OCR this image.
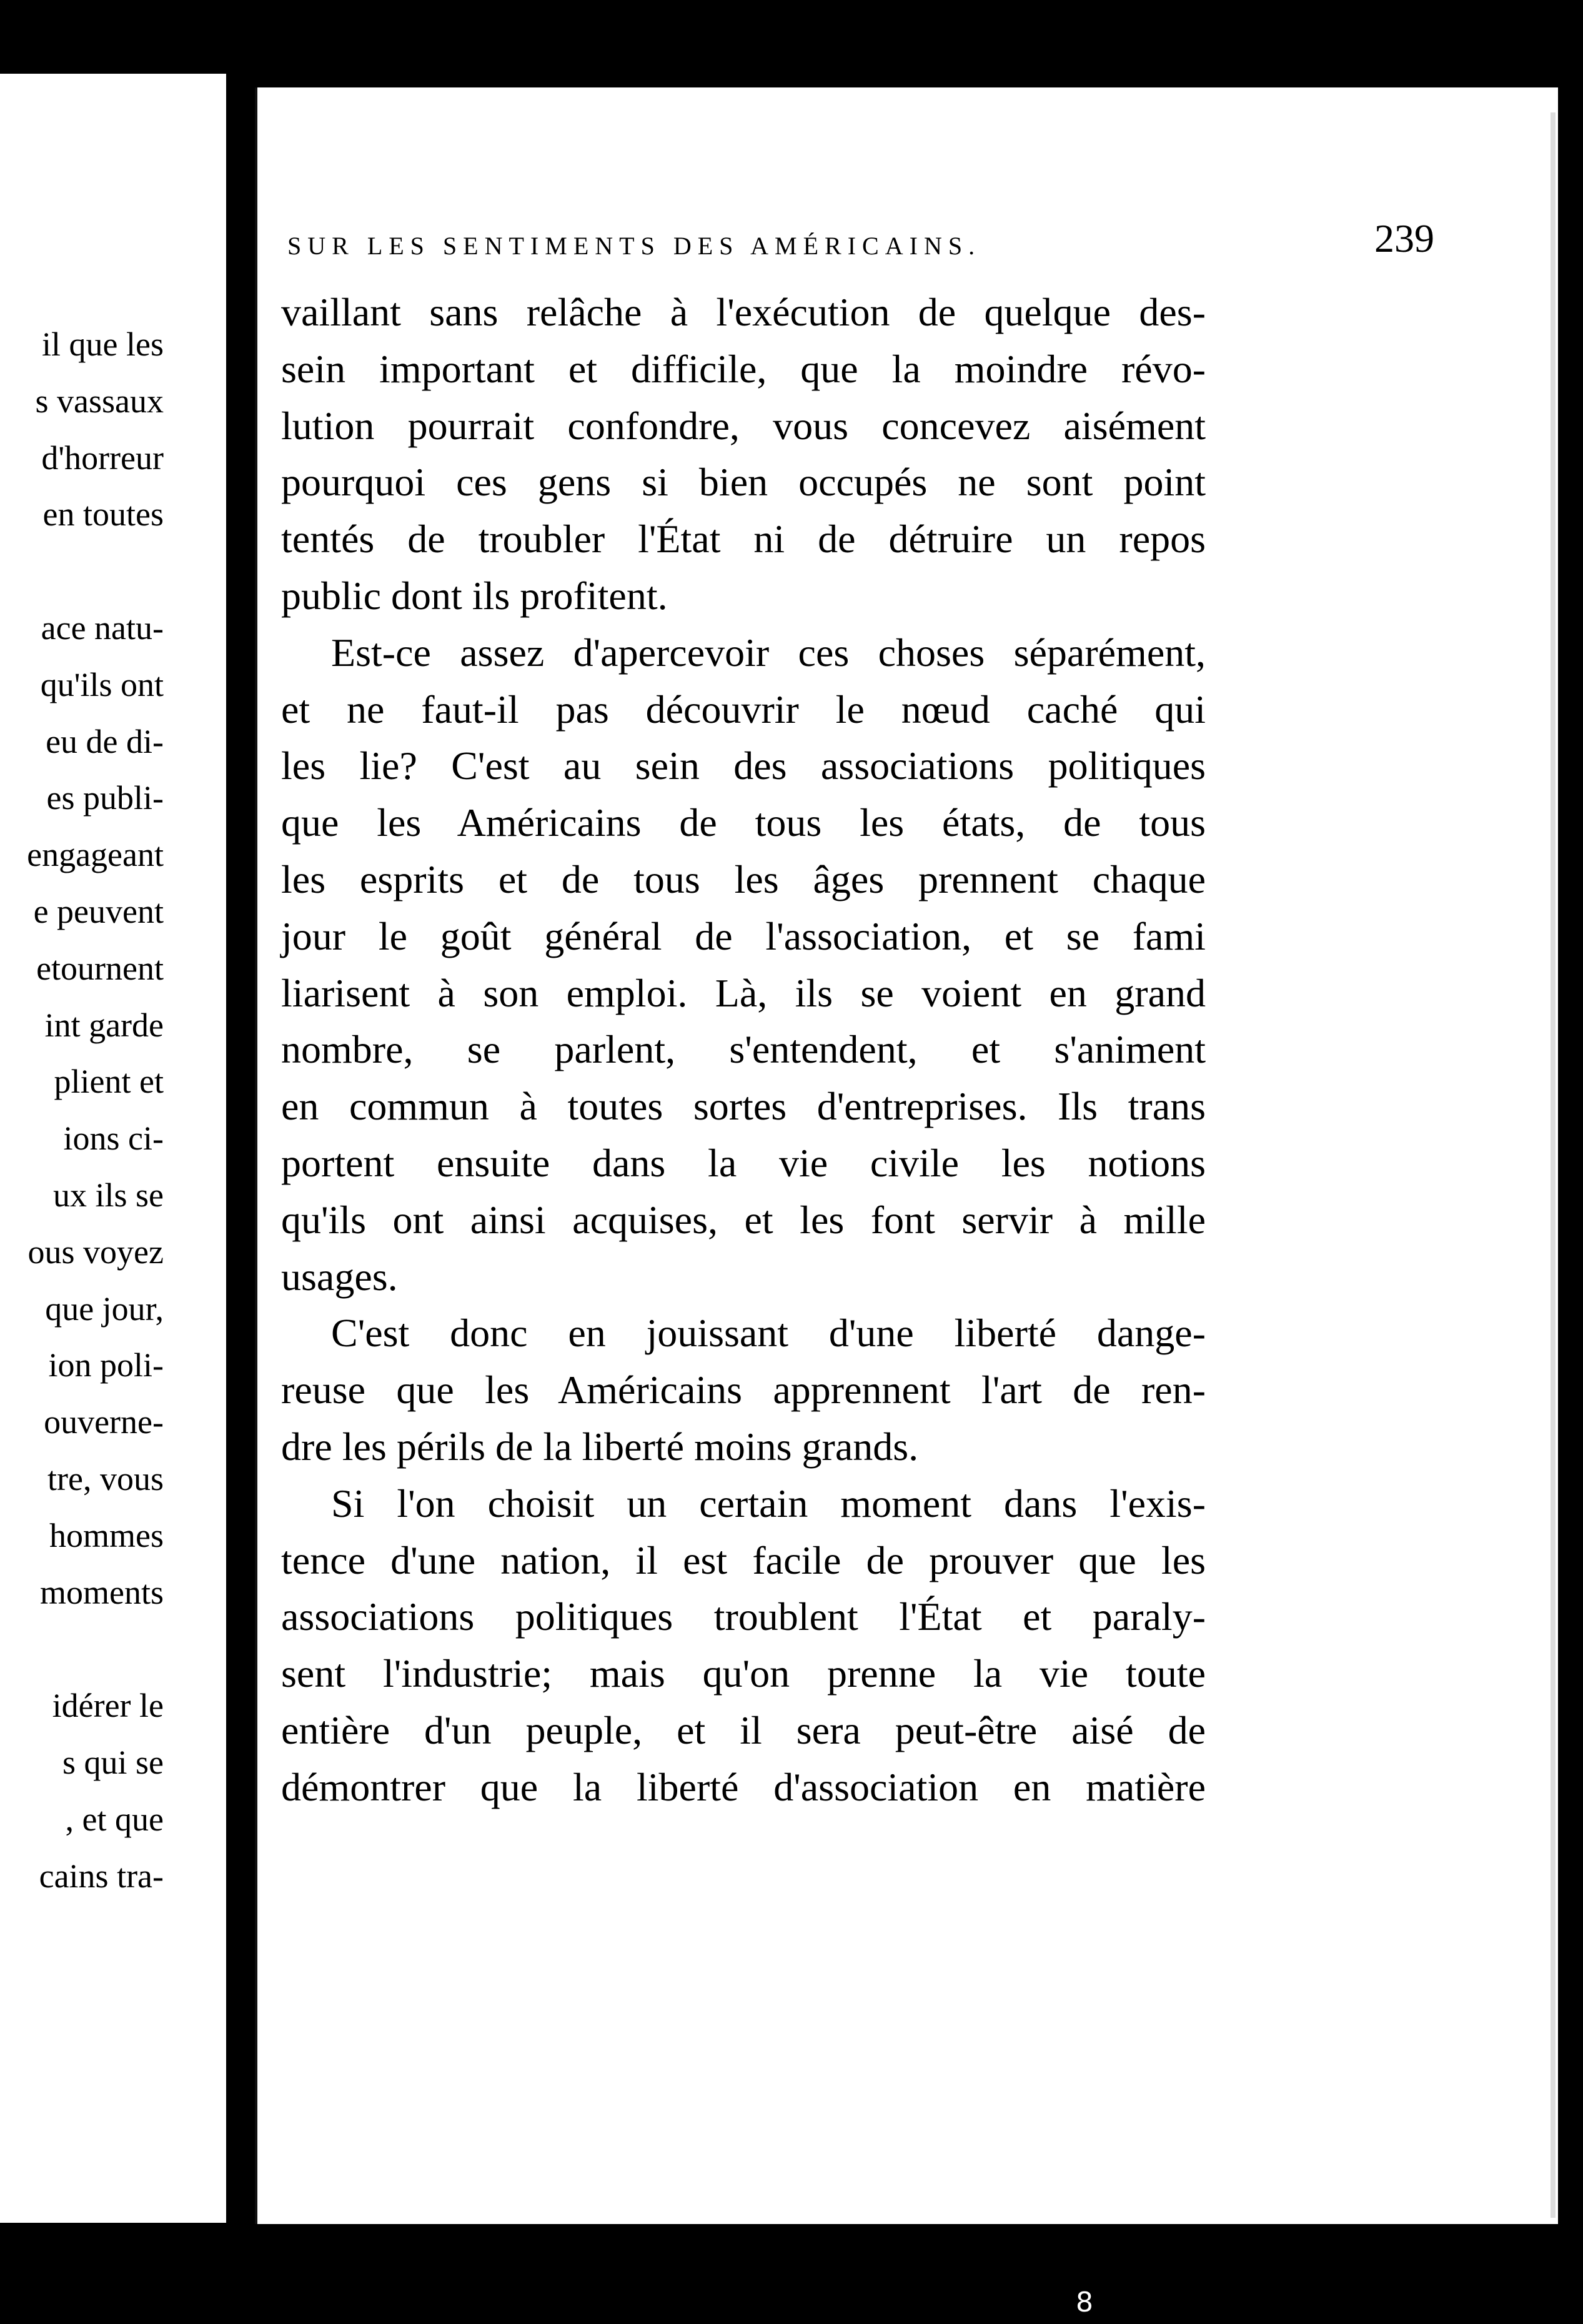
il que les
s vassaux
d'horreur
en toutes
ace natu-
qu'ils ont
eu de di-
es publi-
engageant
e peuvent
etournent
int garde
plient et
ions ci-
ux ils se
ous voyez
que jour,
ion poli-
ouverne-
tre, vous
hommes
moments
idérer le
s qui se
, et que
cains tra-
SUR LES SENTIMENTS DES AMÉRICAINS.	239
vaillant sans relâche à l'exécution de quelque des-
sein important et difficile, que la moindre révo-
lution pourrait confondre, vous concevez aisément
pourquoi ces gens si bien occupés ne sont point
tentés de troubler l'État ni de détruire un repos
public dont ils profitent.
Est-ce assez d'apercevoir ces choses séparément,
et ne faut-il pas découvrir le nœud caché qui
les lie? C'est au sein des associations politiques
que les Américains de tous les états, de tous
les esprits et de tous les âges prennent chaque
jour le goût général de l'association, et se fami
liarisent à son emploi. Là, ils se voient en grand
nombre, se parlent, s'entendent, et s'animent
en commun à toutes sortes d'entreprises. Ils trans
portent ensuite dans la vie civile les notions
qu'ils ont ainsi acquises, et les font servir à mille
usages.
C'est donc en jouissant d'une liberté dange-
reuse que les Américains apprennent l'art de ren-
dre les périls de la liberté moins grands.
Si l'on choisit un certain moment dans l'exis-
tence d'une nation, il est facile de prouver que les
associations politiques troublent l'État et paraly-
sent l'industrie; mais qu'on prenne la vie toute
entière d'un peuple, et il sera peut-être aisé de
démontrer que la liberté d'association en matière
8
